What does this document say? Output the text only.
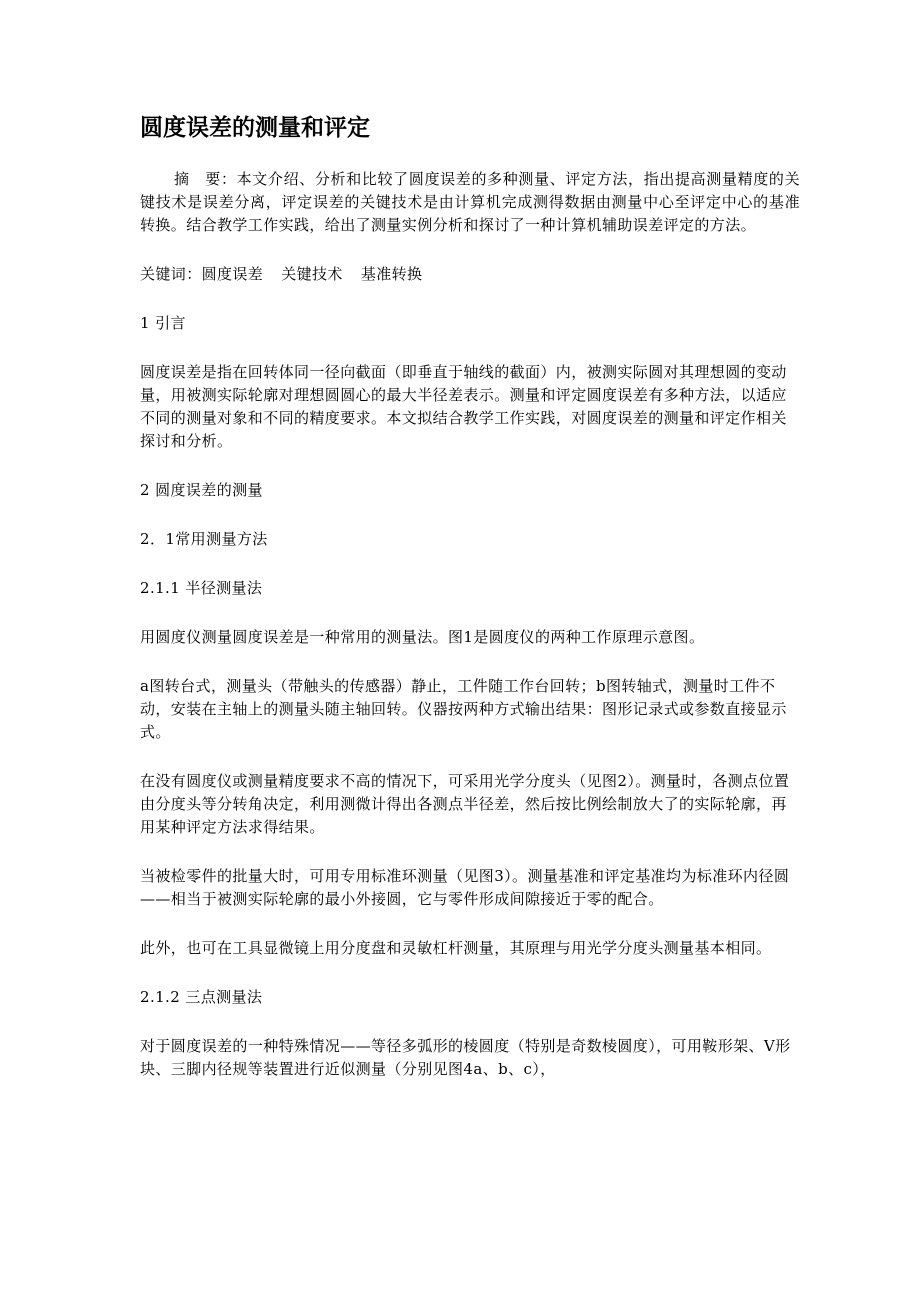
圆度误差的测量和评定

摘　要：本文介绍、分析和比较了圆度误差的多种测量、评定方法，指出提高测量精度的关键技术是误差分离，评定误差的关键技术是由计算机完成测得数据由测量中心至评定中心的基准转换。结合教学工作实践，给出了测量实例分析和探讨了一种计算机辅助误差评定的方法。

关键词：圆度误差 关键技术 基准转换

1 引言

圆度误差是指在回转体同一径向截面（即垂直于轴线的截面）内，被测实际圆对其理想圆的变动量，用被测实际轮廓对理想圆圆心的最大半径差表示。测量和评定圆度误差有多种方法，以适应不同的测量对象和不同的精度要求。本文拟结合教学工作实践，对圆度误差的测量和评定作相关探讨和分析。

2 圆度误差的测量

2．1常用测量方法

2.1.1 半径测量法

用圆度仪测量圆度误差是一种常用的测量法。图1是圆度仪的两种工作原理示意图。

a图转台式，测量头（带触头的传感器）静止，工件随工作台回转；b图转轴式，测量时工件不动，安装在主轴上的测量头随主轴回转。仪器按两种方式输出结果：图形记录式或参数直接显示式。

在没有圆度仪或测量精度要求不高的情况下，可采用光学分度头（见图2）。测量时，各测点位置由分度头等分转角决定，利用测微计得出各测点半径差，然后按比例绘制放大了的实际轮廓，再用某种评定方法求得结果。

当被检零件的批量大时，可用专用标准环测量（见图3）。测量基准和评定基准均为标准环内径圆——相当于被测实际轮廓的最小外接圆，它与零件形成间隙接近于零的配合。

此外，也可在工具显微镜上用分度盘和灵敏杠杆测量，其原理与用光学分度头测量基本相同。

2.1.2 三点测量法

对于圆度误差的一种特殊情况——等径多弧形的棱圆度（特别是奇数棱圆度），可用鞍形架、V形块、三脚内径规等装置进行近似测量（分别见图4a、b、c），
